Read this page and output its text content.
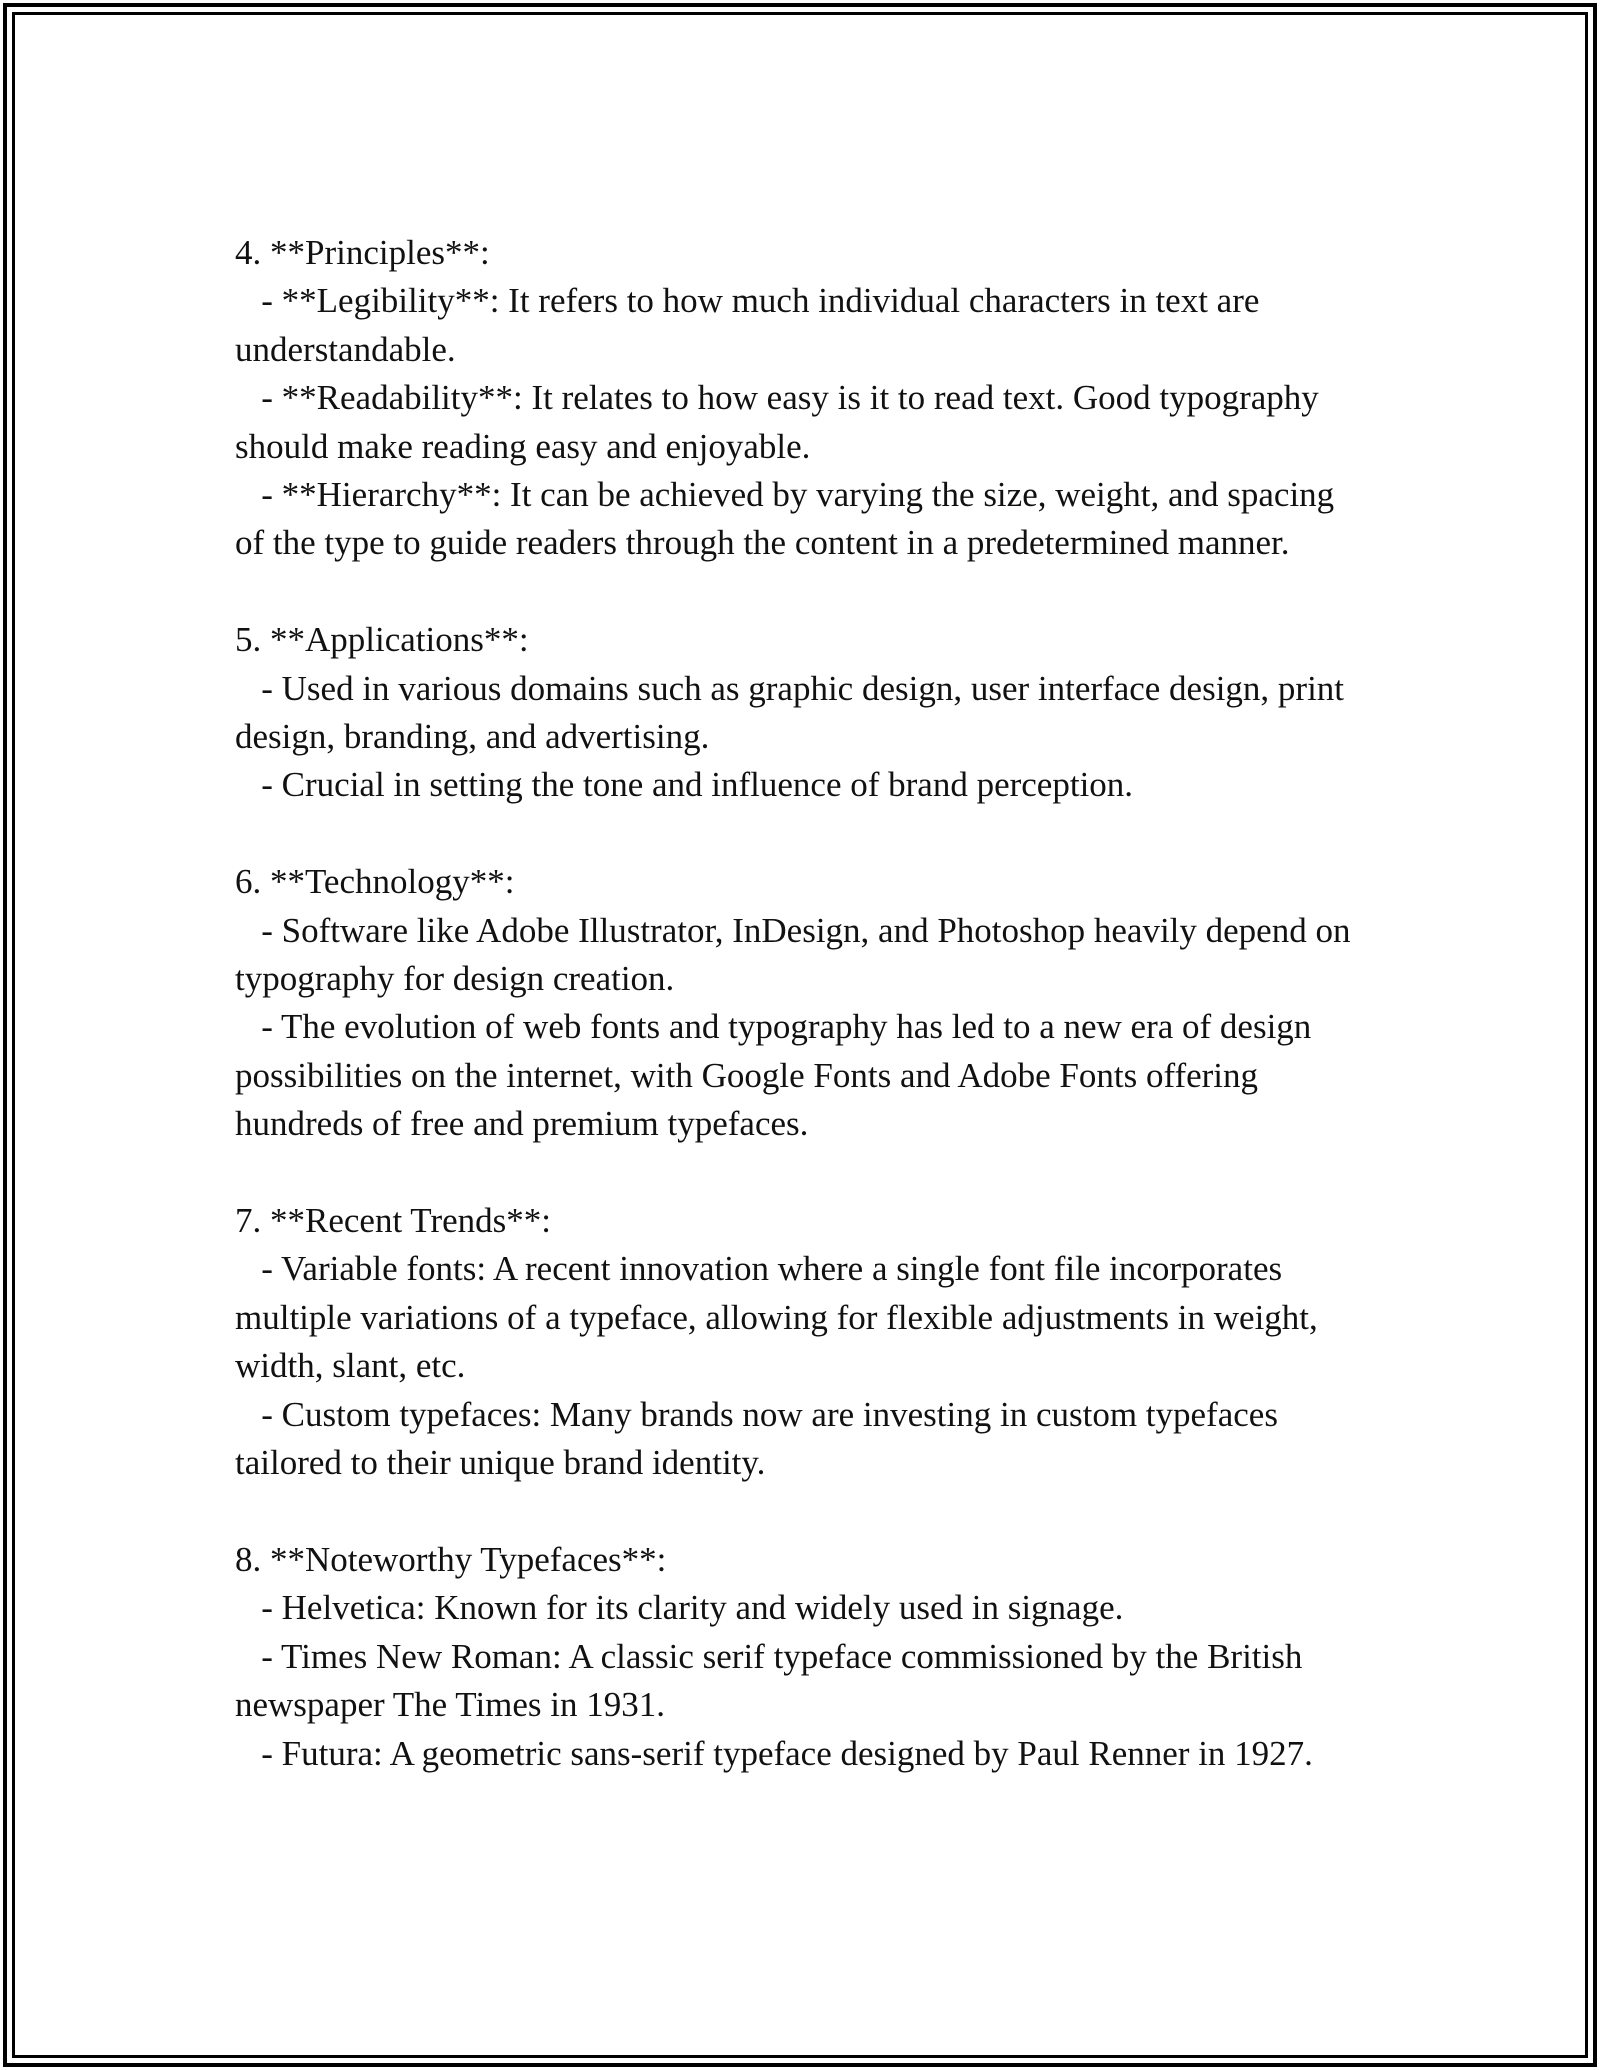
4. **Principles**:
- **Legibility**: It refers to how much individual characters in text are understandable.
- **Readability**: It relates to how easy is it to read text. Good typography should make reading easy and enjoyable.
- **Hierarchy**: It can be achieved by varying the size, weight, and spacing of the type to guide readers through the content in a predetermined manner.
5. **Applications**:
- Used in various domains such as graphic design, user interface design, print design, branding, and advertising.
- Crucial in setting the tone and influence of brand perception.
6. **Technology**:
- Software like Adobe Illustrator, InDesign, and Photoshop heavily depend on typography for design creation.
- The evolution of web fonts and typography has led to a new era of design possibilities on the internet, with Google Fonts and Adobe Fonts offering hundreds of free and premium typefaces.
7. **Recent Trends**:
- Variable fonts: A recent innovation where a single font file incorporates multiple variations of a typeface, allowing for flexible adjustments in weight, width, slant, etc.
- Custom typefaces: Many brands now are investing in custom typefaces tailored to their unique brand identity.
8. **Noteworthy Typefaces**:
- Helvetica: Known for its clarity and widely used in signage.
- Times New Roman: A classic serif typeface commissioned by the British newspaper The Times in 1931.
- Futura: A geometric sans-serif typeface designed by Paul Renner in 1927.
